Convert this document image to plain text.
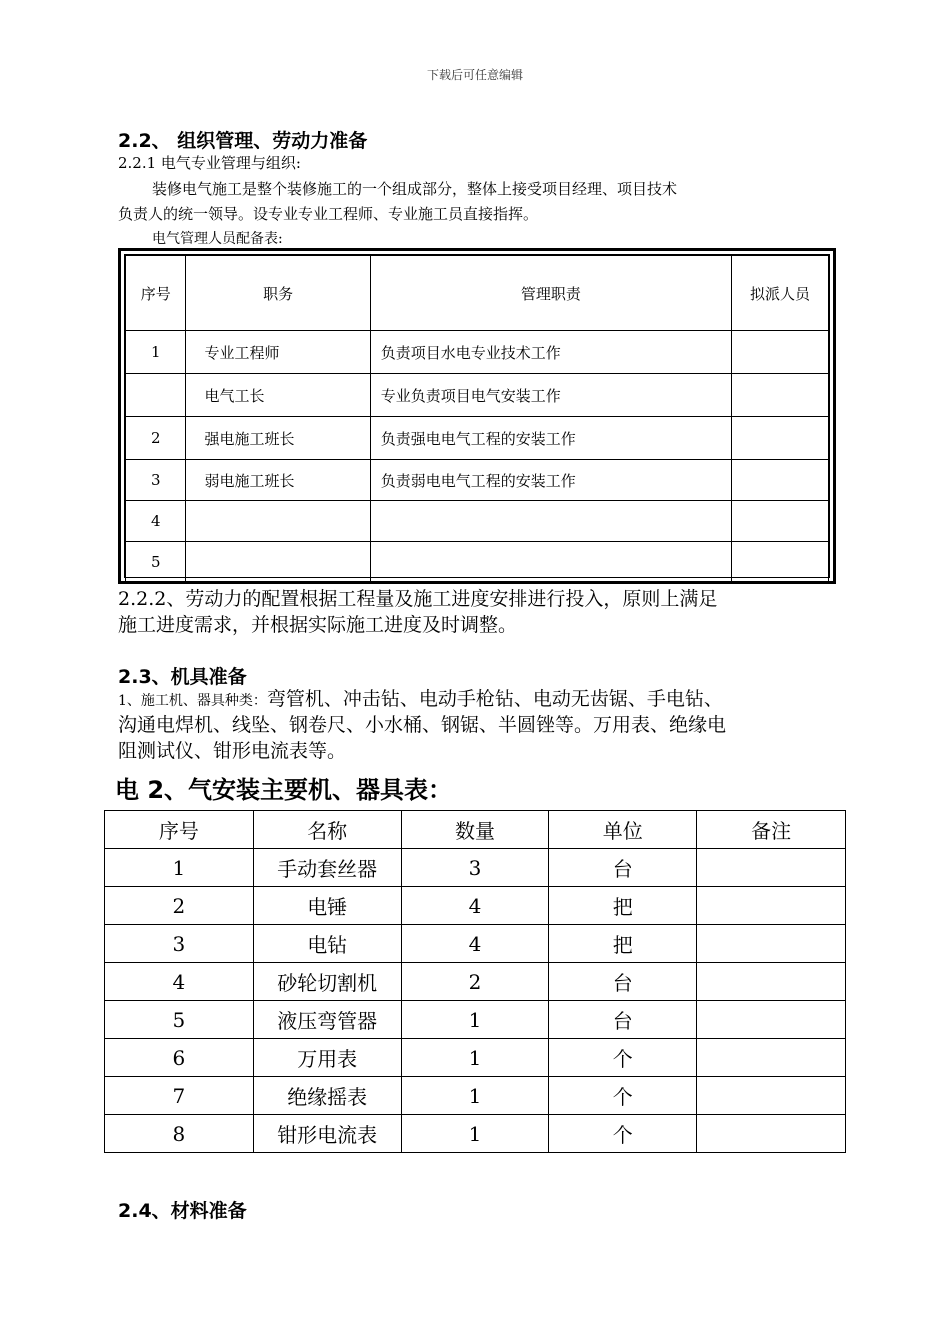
下载后可任意编辑
2.2、 组织管理、劳动力准备
2.2.1 电气专业管理与组织:
装修电气施工是整个装修施工的一个组成部分，整体上接受项目经理、项目技术
负责人的统一领导。设专业专业工程师、专业施工员直接指挥。
电气管理人员配备表:
序号	职务	管理职责	拟派人员
1	专业工程师	负责项目水电专业技术工作	
	电气工长	专业负责项目电气安装工作	
2	强电施工班长	负责强电电气工程的安装工作	
3	弱电施工班长	负责弱电电气工程的安装工作	
4			
5			
2.2.2、劳动力的配置根据工程量及施工进度安排进行投入，原则上满足
施工进度需求，并根据实际施工进度及时调整。
2.3、机具准备
1、施工机、器具种类：弯管机、冲击钻、电动手枪钻、电动无齿锯、手电钻、
沟通电焊机、线坠、钢卷尺、小水桶、钢锯、半圆锉等。万用表、绝缘电
阻测试仪、钳形电流表等。
电 2、气安装主要机、器具表：
序号	名称	数量	单位	备注
1	手动套丝器	3	台	
2	电锤	4	把	
3	电钻	4	把	
4	砂轮切割机	2	台	
5	液压弯管器	1	台	
6	万用表	1	个	
7	绝缘摇表	1	个	
8	钳形电流表	1	个	
2.4、材料准备
